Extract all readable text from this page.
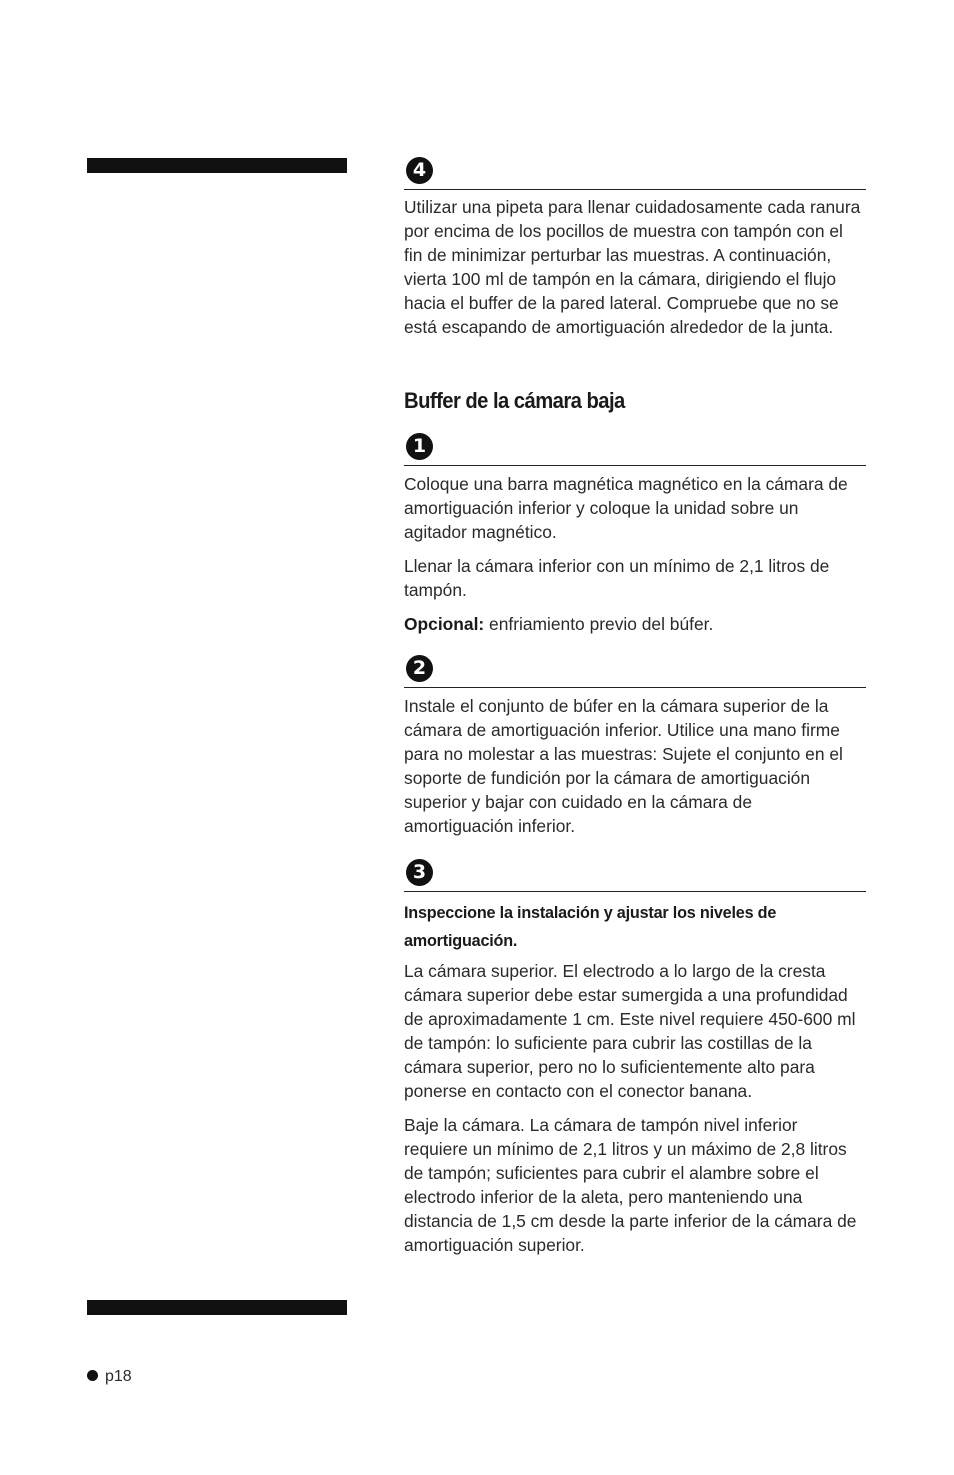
4

Utilizar una pipeta para llenar cuidadosamente cada ranura por encima de los pocillos de muestra con tampón con el fin de minimizar perturbar las muestras. A continuación, vierta 100 ml de tampón en la cámara, dirigiendo el flujo hacia el buffer de la pared lateral. Compruebe que no se está escapando de amortiguación alrededor de la junta.

Buffer de la cámara baja
1

Coloque una barra magnética magnético en la cámara de amortiguación inferior y coloque la unidad sobre un agitador magnético.

Llenar la cámara inferior con un mínimo de 2,1 litros de tampón.

Opcional: enfriamiento previo del búfer.

2

Instale el conjunto de búfer en la cámara superior de la cámara de amortiguación inferior. Utilice una mano firme para no molestar a las muestras: Sujete el conjunto en el soporte de fundición por la cámara de amortiguación superior y bajar con cuidado en la cámara de amortiguación inferior.

3

Inspeccione la instalación y ajustar los niveles de amortiguación.

La cámara superior. El electrodo a lo largo de la cresta cámara superior debe estar sumergida a una profundidad de aproximadamente 1 cm. Este nivel requiere 450-600 ml de tampón: lo suficiente para cubrir las costillas de la cámara superior, pero no lo suficientemente alto para ponerse en contacto con el conector banana.

Baje la cámara. La cámara de tampón nivel inferior requiere un mínimo de 2,1 litros y un máximo de 2,8 litros de tampón; suficientes para cubrir el alambre sobre el electrodo inferior de la aleta, pero manteniendo una distancia de 1,5 cm desde la parte inferior de la cámara de amortiguación superior.

p18
